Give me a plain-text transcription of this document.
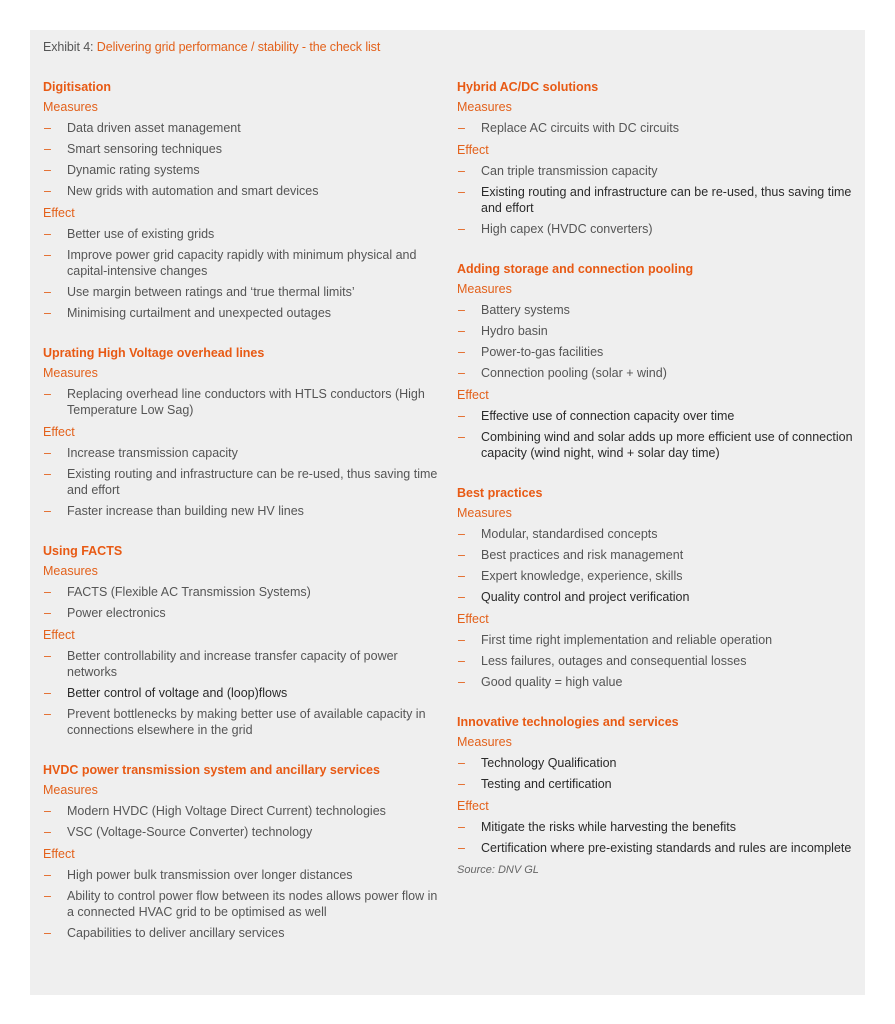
Exhibit 4: Delivering grid performance / stability - the check list
Digitisation
Measures
– Data driven asset management
– Smart sensoring techniques
– Dynamic rating systems
– New grids with automation and smart devices
Effect
– Better use of existing grids
– Improve power grid capacity rapidly with minimum physical and capital-intensive changes
– Use margin between ratings and ‘true thermal limits’
– Minimising curtailment and unexpected outages
Uprating High Voltage overhead lines
Measures
– Replacing overhead line conductors with HTLS conductors (High Temperature Low Sag)
Effect
– Increase transmission capacity
– Existing routing and infrastructure can be re-used, thus saving time and effort
– Faster increase than building new HV lines
Using FACTS
Measures
– FACTS (Flexible AC Transmission Systems)
– Power electronics
Effect
– Better controllability and increase transfer capacity of power networks
– Better control of voltage and (loop)flows
– Prevent bottlenecks by making better use of available capacity in connections elsewhere in the grid
HVDC power transmission system and ancillary services
Measures
– Modern HVDC (High Voltage Direct Current) technologies
– VSC (Voltage-Source Converter) technology
Effect
– High power bulk transmission over longer distances
– Ability to control power flow between its nodes allows power flow in a connected HVAC grid to be optimised as well
– Capabilities to deliver ancillary services
Hybrid AC/DC solutions
Measures
– Replace AC circuits with DC circuits
Effect
– Can triple transmission capacity
– Existing routing and infrastructure can be re-used, thus saving time and effort
– High capex (HVDC converters)
Adding storage and connection pooling
Measures
– Battery systems
– Hydro basin
– Power-to-gas facilities
– Connection pooling (solar + wind)
Effect
– Effective use of connection capacity over time
– Combining wind and solar adds up more efficient use of connection capacity (wind night, wind + solar day time)
Best practices
Measures
– Modular, standardised concepts
– Best practices and risk management
– Expert knowledge, experience, skills
– Quality control and project verification
Effect
– First time right implementation and reliable operation
– Less failures, outages and consequential losses
– Good quality = high value
Innovative technologies and services
Measures
– Technology Qualification
– Testing and certification
Effect
– Mitigate the risks while harvesting the benefits
– Certification where pre-existing standards and rules are incomplete
Source: DNV GL
